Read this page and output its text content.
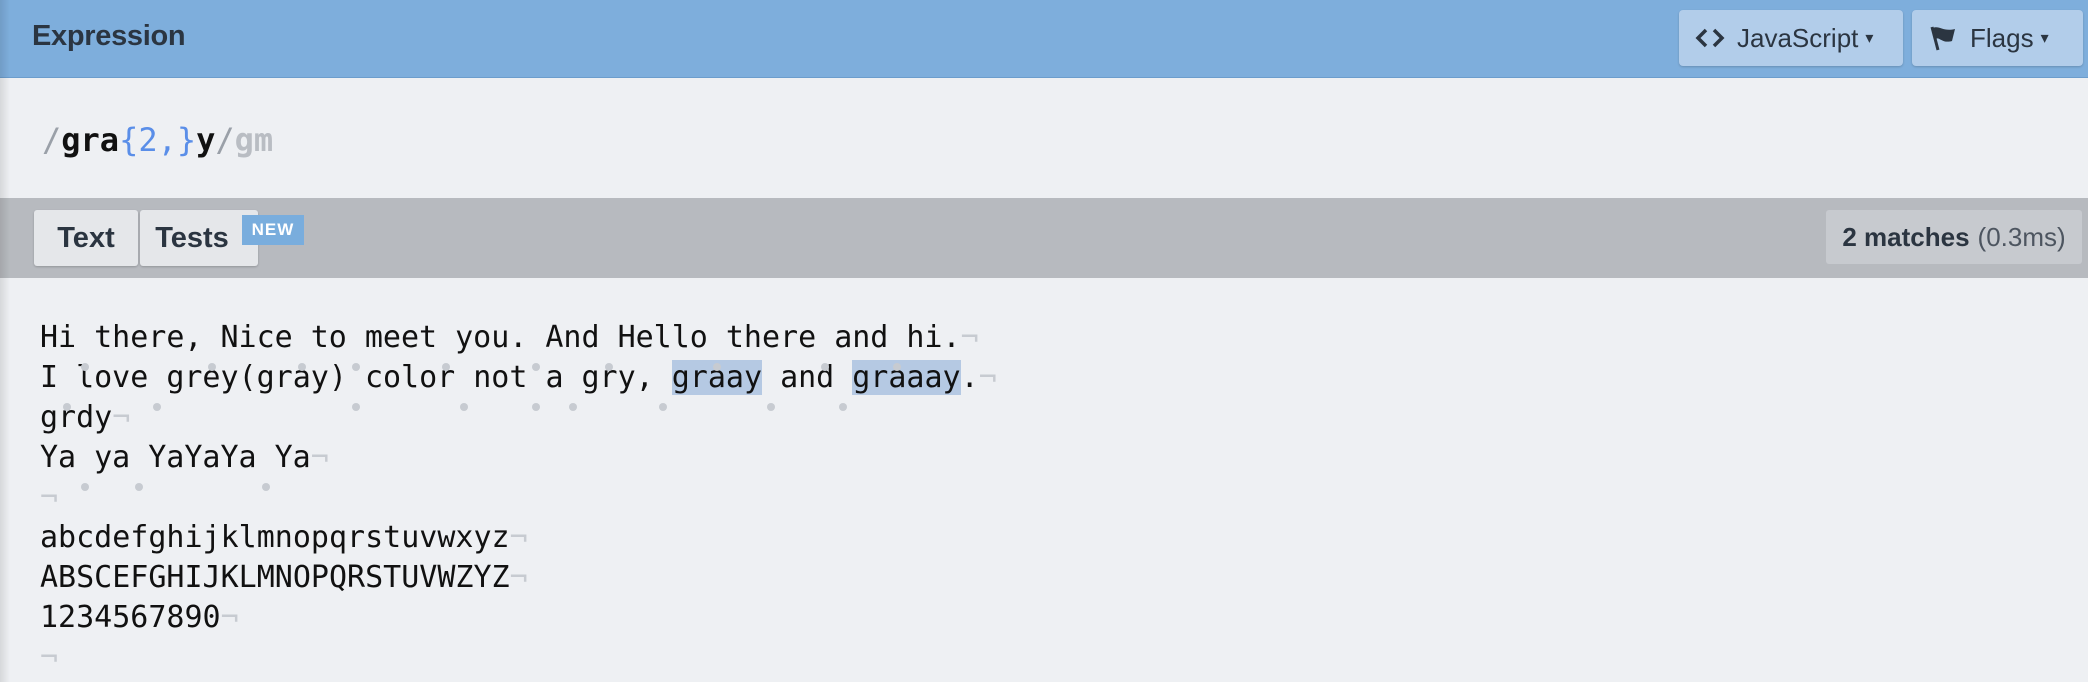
Expression	JavaScript ▾	Flags ▾
/gra{2,}y/gm
Text	Tests	NEW	2 matches (0.3ms)
Hi there, Nice to meet you. And Hello there and hi.¬
I love grey(gray) color not a gry, graay and graaay.¬
grdy¬
Ya ya YaYaYa Ya¬
¬
abcdefghijklmnopqrstuvwxyz¬
ABSCEFGHIJKLMNOPQRSTUVWZYZ¬
1234567890¬
¬
